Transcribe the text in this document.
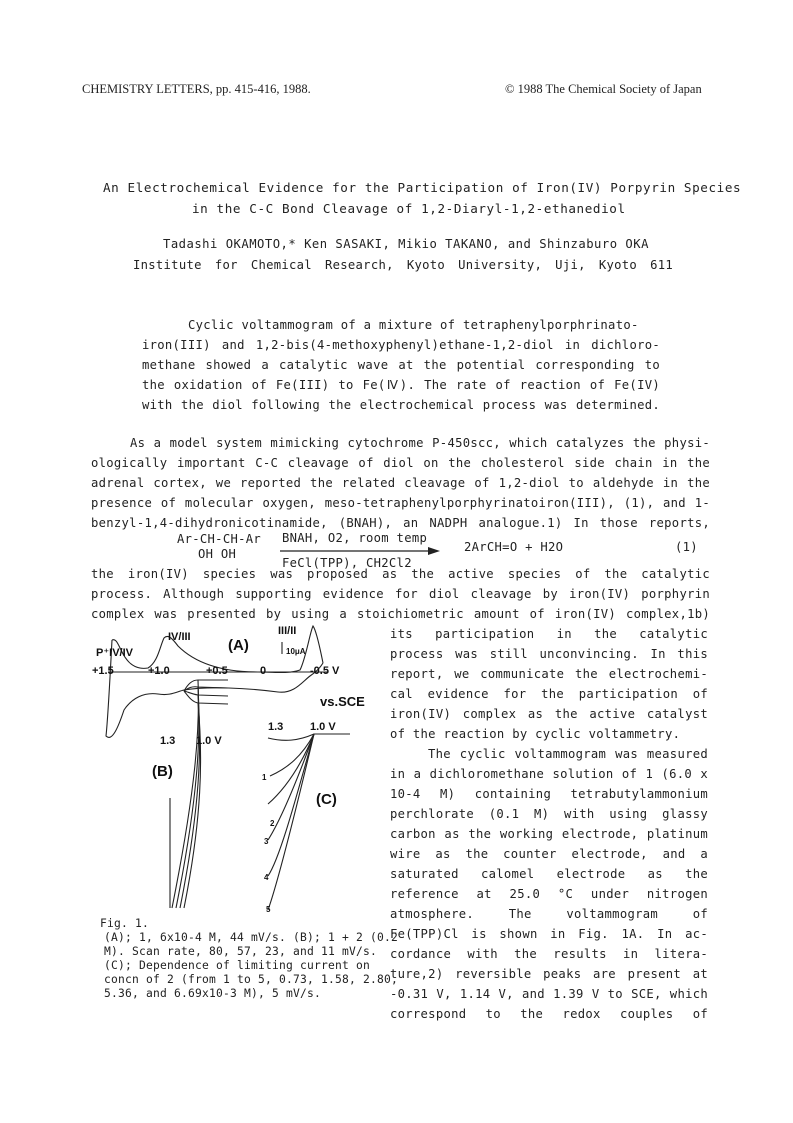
CHEMISTRY LETTERS, pp. 415-416, 1988.	© 1988 The Chemical Society of Japan
An Electrochemical Evidence for the Participation of Iron(IV) Porpyrin Species
in the C-C Bond Cleavage of 1,2-Diaryl-1,2-ethanediol
Tadashi OKAMOTO,* Ken SASAKI, Mikio TAKANO, and Shinzaburo OKA
Institute for Chemical Research, Kyoto University, Uji, Kyoto 611
Cyclic voltammogram of a mixture of tetraphenylporphrinato-
iron(III) and 1,2-bis(4-methoxyphenyl)ethane-1,2-diol in dichloro-
methane showed a catalytic wave at the potential corresponding to
the oxidation of Fe(III) to Fe(Ⅳ). The rate of reaction of Fe(IV)
with the diol following the electrochemical process was determined.
As a model system mimicking cytochrome P-450scc, which catalyzes the physi-
ologically important C-C cleavage of diol on the cholesterol side chain in the
adrenal cortex, we reported the related cleavage of 1,2-diol to aldehyde in the
presence of molecular oxygen, meso-tetraphenylporphyrinatoiron(III), (1), and 1-
benzyl-1,4-dihydronicotinamide, (BNAH), an NADPH analogue.1) In those reports,
Ar-CH-CH-Ar
OH OH
BNAH, O2, room temp
FeCl(TPP), CH2Cl2
2ArCH=O + H2O	(1)
the iron(IV) species was proposed as the active species of the catalytic
process. Although supporting evidence for diol cleavage by iron(IV) porphyrin
complex was presented by using a stoichiometric amount of iron(IV) complex,1b)
its participation in the catalytic
process was still unconvincing. In this
report, we communicate the electrochemi-
cal evidence for the participation of
iron(IV) complex as the active catalyst
of the reaction by cyclic voltammetry.
The cyclic voltammogram was measured
in a dichloromethane solution of 1 (6.0 x
10-4 M) containing tetrabutylammonium
perchlorate (0.1 M) with using glassy
carbon as the working electrode, platinum
wire as the counter electrode, and a
saturated calomel electrode as the
reference at 25.0 °C under nitrogen
atmosphere. The voltammogram of
Fe(TPP)Cl is shown in Fig. 1A. In ac-
cordance with the results in litera-
ture,2) reversible peaks are present at
-0.31 V, 1.14 V, and 1.39 V to SCE, which
correspond to the redox couples of
IV/III (A)
III/II
P⁺IV/IV	10μA
+1.5	+1.0	+0.5	0	-0.5 V
vs.SCE
1.3 1.0 V
(B)
1.3 1.0 V
(C)
1
2
3
4
5
Fig. 1.
(A); 1, 6x10-4 M, 44 mV/s. (B); 1 + 2 (0.2
M). Scan rate, 80, 57, 23, and 11 mV/s.
(C); Dependence of limiting current on
concn of 2 (from 1 to 5, 0.73, 1.58, 2.80,
5.36, and 6.69x10-3 M), 5 mV/s.
